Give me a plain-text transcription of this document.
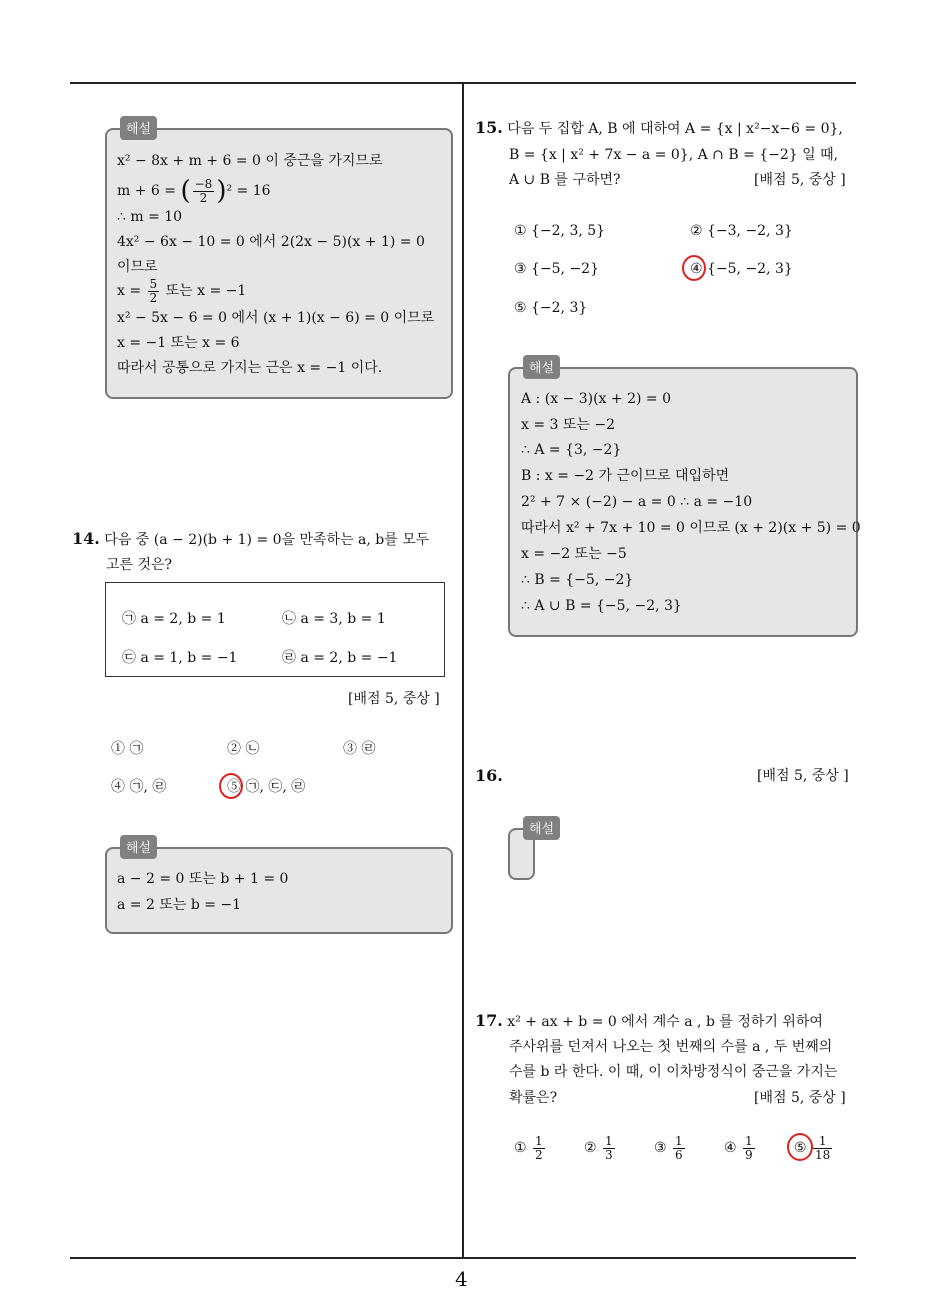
4
해설
x² − 8x + m + 6 = 0 이 중근을 가지므로
m + 6 = ( $\frac{-8}{2} )^2 = 16$
∴ m = 10
4x² − 6x − 10 = 0 에서 2(2x − 5)(x + 1) = 0
이므로
$x = \frac{5}{2}$ 또는 x = −1
x² − 5x − 6 = 0 에서 (x + 1)(x − 6) = 0 이므로
x = −1 또는 x = 6
따라서 공통으로 가지는 근은 x = −1 이다.
14. 다음 중 (a − 2)(b + 1) = 0을 만족하는 a, b를 모두
고른 것은?
㉠ a = 2, b = 1	㉡ a = 3, b = 1
㉢ a = 1, b = −1	㉣ a = 2, b = −1
[배점 5, 중상 ]
① ㉠	② ㉡	③ ㉣
④ ㉠, ㉣	⑤ ㉠, ㉢, ㉣
해설
a − 2 = 0 또는 b + 1 = 0
a = 2 또는 b = −1
15. 다음 두 집합 A, B 에 대하여 A = {x | x²−x−6 = 0},
B = {x | x² + 7x − a = 0}, A ∩ B = {−2} 일 때,
A ∪ B 를 구하면?	[배점 5, 중상 ]
① {−2, 3, 5}	② {−3, −2, 3}
③ {−5, −2}	④ {−5, −2, 3}
⑤ {−2, 3}
해설
A : (x − 3)(x + 2) = 0
x = 3 또는 −2
∴ A = {3, −2}
B : x = −2 가 근이므로 대입하면
2² + 7 × (−2) − a = 0 ∴ a = −10
따라서 x² + 7x + 10 = 0 이므로 (x + 2)(x + 5) = 0
x = −2 또는 −5
∴ B = {−5, −2}
∴ A ∪ B = {−5, −2, 3}
16.	[배점 5, 중상 ]
해설
17. x² + ax + b = 0 에서 계수 a , b 를 정하기 위하여
주사위를 던져서 나오는 첫 번째의 수를 a , 두 번째의
수를 b 라 한다. 이 때, 이 이차방정식이 중근을 가지는
확률은?	[배점 5, 중상 ]
① $\frac{1}{2}$	② $\frac{1}{3}$	③ $\frac{1}{6}$	④ $\frac{1}{9}$	⑤ $\frac{1}{18}$
